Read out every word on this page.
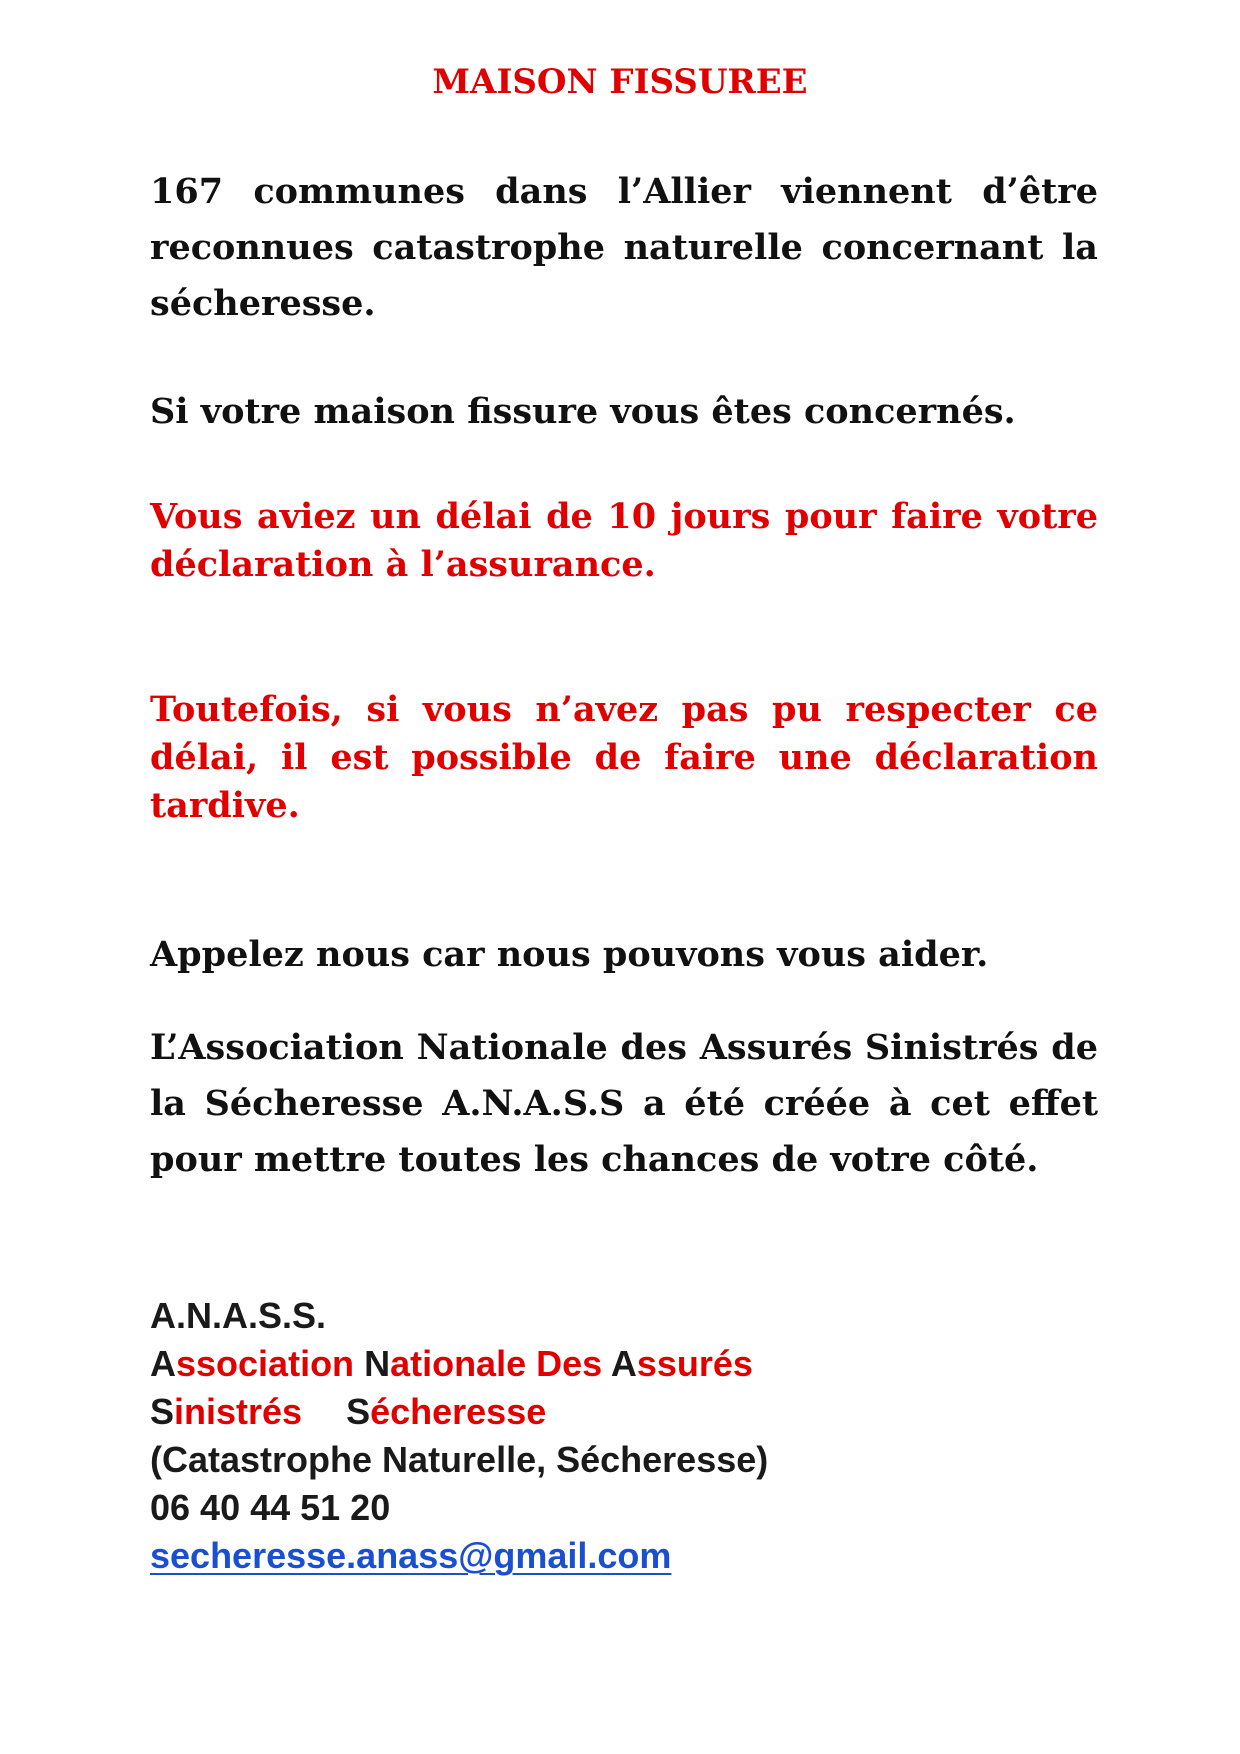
MAISON FISSUREE
167 communes dans l’Allier viennent d’être reconnues catastrophe naturelle concernant la sécheresse.
Si votre maison fissure vous êtes concernés.
Vous aviez un délai de 10 jours pour faire votre déclaration à l’assurance.
Toutefois, si vous n’avez pas pu respecter ce délai, il est possible de faire une déclaration tardive.
Appelez nous car nous pouvons vous aider.
L’Association Nationale des Assurés Sinistrés de la Sécheresse A.N.A.S.S a été créée à cet effet pour mettre toutes les chances de votre côté.
A.N.A.S.S.
Association Nationale Des Assurés
Sinistrés Sécheresse
(Catastrophe Naturelle, Sécheresse)
06 40 44 51 20
secheresse.anass@gmail.com
